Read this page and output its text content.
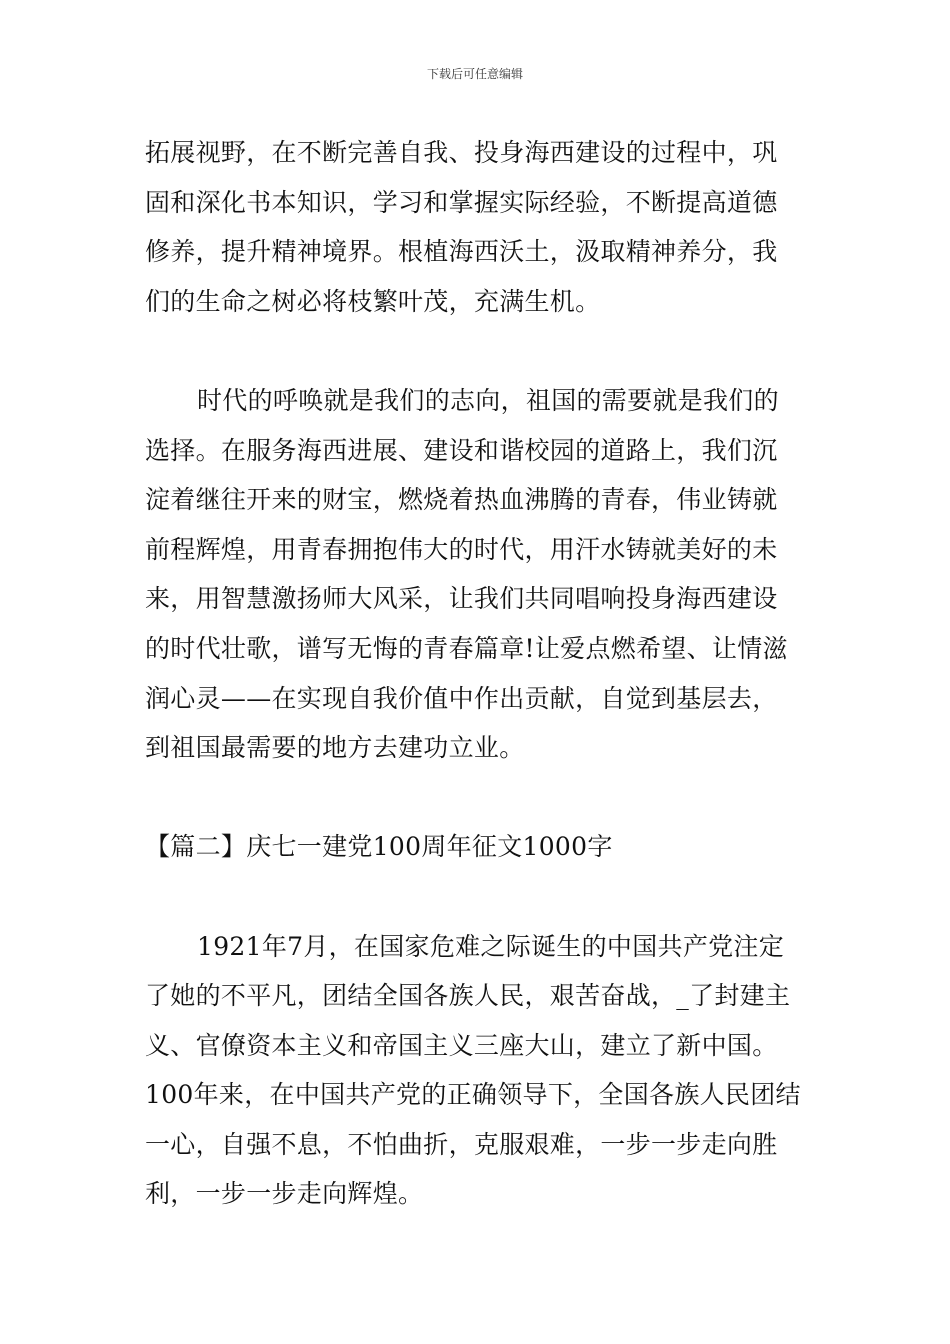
下载后可任意编辑
拓展视野，在不断完善自我、投身海西建设的过程中，巩
固和深化书本知识，学习和掌握实际经验，不断提高道德
修养，提升精神境界。根植海西沃土，汲取精神养分，我
们的生命之树必将枝繁叶茂，充满生机。
时代的呼唤就是我们的志向，祖国的需要就是我们的
选择。在服务海西进展、建设和谐校园的道路上，我们沉
淀着继往开来的财宝，燃烧着热血沸腾的青春，伟业铸就
前程辉煌，用青春拥抱伟大的时代，用汗水铸就美好的未
来，用智慧激扬师大风采，让我们共同唱响投身海西建设
的时代壮歌，谱写无悔的青春篇章!让爱点燃希望、让情滋
润心灵——在实现自我价值中作出贡献，自觉到基层去，
到祖国最需要的地方去建功立业。
【篇二】庆七一建党100周年征文1000字
1921年7月，在国家危难之际诞生的中国共产党注定
了她的不平凡，团结全国各族人民，艰苦奋战，_了封建主
义、官僚资本主义和帝国主义三座大山，建立了新中国。
100年来，在中国共产党的正确领导下，全国各族人民团结
一心，自强不息，不怕曲折，克服艰难，一步一步走向胜
利，一步一步走向辉煌。
